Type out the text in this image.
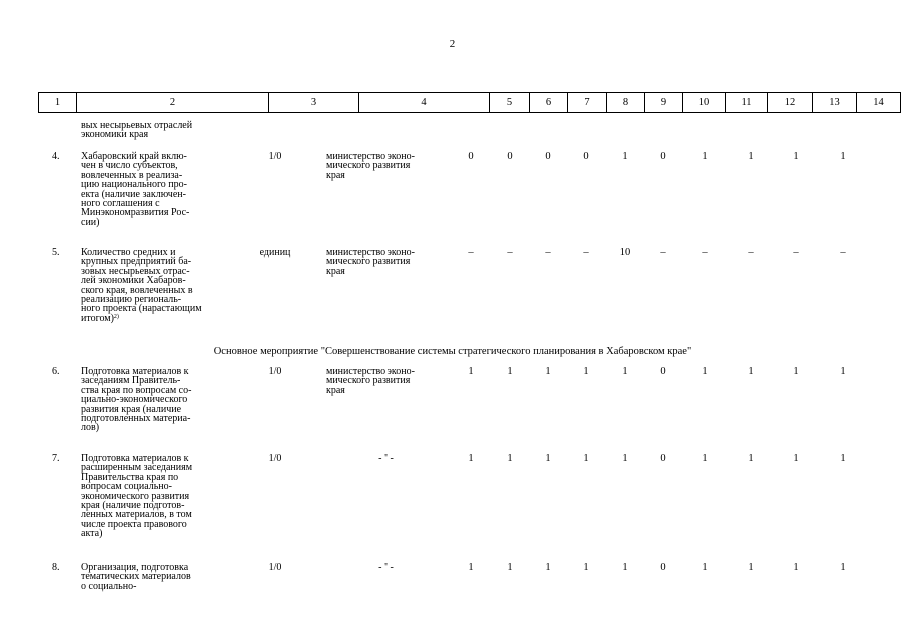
2
1	2	3	4	5	6	7	8	9	10	11	12	13	14
вых несырьевых отраслей
экономики края
4. Хабаровский край вклю-
чен в число субъектов,
вовлеченных в реализа-
цию национального про-
екта (наличие заключен-
ного соглашения с
Минэкономразвития Рос-
сии)
1/0	министерство эконо-
мического развития
края
0	0	0	0	1	0	1	1	1	1
5. Количество средних и
крупных предприятий ба-
зовых несырьевых отрас-
лей экономики Хабаров-
ского края, вовлеченных в
реализацию региональ-
ного проекта (нарастающим
итогом)$^{2)}$
единиц	министерство эконо-
мического развития
края
–	–	–	–	10	–	–	–	–	–
Основное мероприятие "Совершенствование системы стратегического планирования в Хабаровском крае"
6. Подготовка материалов к
заседаниям Правитель-
ства края по вопросам со-
циально-экономического
развития края (наличие
подготовленных материа-
лов)
1/0	министерство эконо-
мического развития
края
1	1	1	1	1	0	1	1	1	1
7. Подготовка материалов к
расширенным заседаниям
Правительства края по
вопросам социально-
экономического развития
края (наличие подготов-
ленных материалов, в том
числе проекта правового
акта)
1/0	- " -	1	1	1	1	1	0	1	1	1	1
8. Организация, подготовка
тематических материалов
о социально-
1/0	- " -	1	1	1	1	1	0	1	1	1	1
